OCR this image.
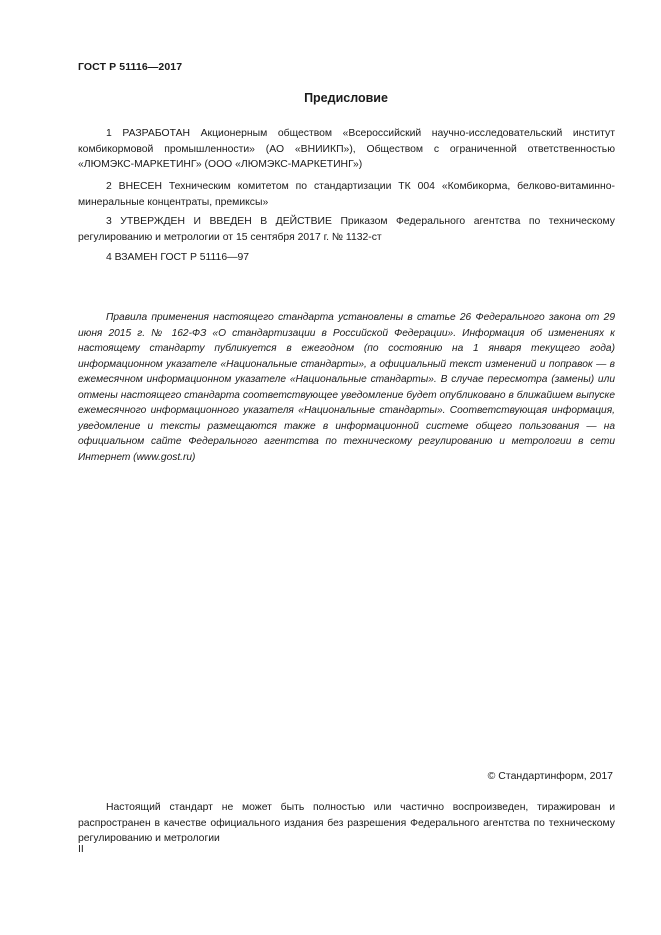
ГОСТ Р 51116—2017
Предисловие

1 РАЗРАБОТАН Акционерным обществом «Всероссийский научно-исследовательский институт комбикормовой промышленности» (АО «ВНИИКП»), Обществом с ограниченной ответственностью «ЛЮМЭКС-МАРКЕТИНГ» (ООО «ЛЮМЭКС-МАРКЕТИНГ»)

2 ВНЕСЕН Техническим комитетом по стандартизации ТК 004 «Комбикорма, белково-витаминно-минеральные концентраты, премиксы»

3 УТВЕРЖДЕН И ВВЕДЕН В ДЕЙСТВИЕ Приказом Федерального агентства по техническому регулированию и метрологии от 15 сентября 2017 г. № 1132-ст

4 ВЗАМЕН ГОСТ Р 51116—97

Правила применения настоящего стандарта установлены в статье 26 Федерального закона от 29 июня 2015 г. № 162-ФЗ «О стандартизации в Российской Федерации». Информация об изменениях к настоящему стандарту публикуется в ежегодном (по состоянию на 1 января текущего года) информационном указателе «Национальные стандарты», а официальный текст изменений и поправок — в ежемесячном информационном указателе «Национальные стандарты». В случае пересмотра (замены) или отмены настоящего стандарта соответствующее уведомление будет опубликовано в ближайшем выпуске ежемесячного информационного указателя «Национальные стандарты». Соответствующая информация, уведомление и тексты размещаются также в информационной системе общего пользования — на официальном сайте Федерального агентства по техническому регулированию и метрологии в сети Интернет (www.gost.ru)

© Стандартинформ, 2017

Настоящий стандарт не может быть полностью или частично воспроизведен, тиражирован и распространен в качестве официального издания без разрешения Федерального агентства по техническому регулированию и метрологии

II
